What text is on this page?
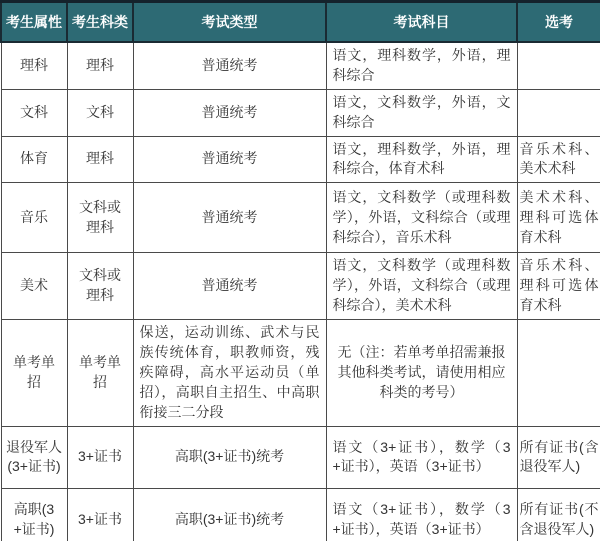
考生属性	考生科类	考试类型	考试科目	选考
理科	理科	普通统考	语文，理科数学，外语，理科综合	
文科	文科	普通统考	语文，文科数学，外语，文科综合	
体育	理科	普通统考	语文，理科数学，外语，理科综合，体育术科	音乐术科、美术术科
音乐	文科或理科	普通统考	语文，文科数学（或理科数学），外语，文科综合（或理科综合），音乐术科	美术术科、理科可选体育术科
美术	文科或理科	普通统考	语文，文科数学（或理科数学），外语，文科综合（或理科综合），美术术科	音乐术科、理科可选体育术科
单考单招	单考单招	保送，运动训练、武术与民族传统体育，职教师资，残疾障碍，高水平运动员（单招），高职自主招生、中高职衔接三二分段	无（注：若单考单招需兼报其他科类考试，请使用相应科类的考号）	
退役军人(3+证书)	3+证书	高职(3+证书)统考	语文（3+证书），数学（3+证书），英语（3+证书）	所有证书(含退役军人)
高职(3+证书)	3+证书	高职(3+证书)统考	语文（3+证书），数学（3+证书），英语（3+证书）	所有证书(不含退役军人)
